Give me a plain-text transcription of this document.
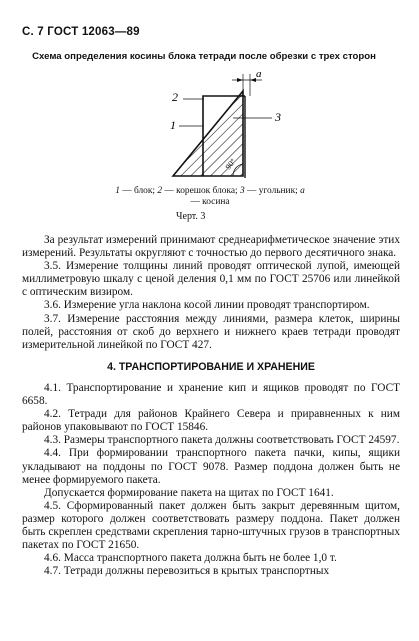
С. 7 ГОСТ 12063—89
Схема определения косины блока тетради после обрезки с трех сторон
2
1
3
a
90°
1 — блок; 2 — корешок блока; 3 — угольник; а — косина
Черт. 3

За результат измерений принимают среднеарифметическое значение этих измерений. Результаты округляют с точностью до первого десятичного знака.

3.5. Измерение толщины линий проводят оптической лупой, имеющей миллиметровую шкалу с ценой деления 0,1 мм по ГОСТ 25706 или линейкой с оптическим визиром.

3.6. Измерение угла наклона косой линии проводят транспортиром.

3.7. Измерение расстояния между линиями, размера клеток, ширины полей, расстояния от скоб до верхнего и нижнего краев тетради проводят измерительной линейкой по ГОСТ 427.

4. ТРАНСПОРТИРОВАНИЕ И ХРАНЕНИЕ

4.1. Транспортирование и хранение кип и ящиков проводят по ГОСТ 6658.

4.2. Тетради для районов Крайнего Севера и приравненных к ним районов упаковывают по ГОСТ 15846.

4.3. Размеры транспортного пакета должны соответствовать ГОСТ 24597.

4.4. При формировании транспортного пакета пачки, кипы, ящики укладывают на поддоны по ГОСТ 9078. Размер поддона должен быть не менее формируемого пакета.

Допускается формирование пакета на щитах по ГОСТ 1641.

4.5. Сформированный пакет должен быть закрыт деревянным щитом, размер которого должен соответствовать размеру поддона. Пакет должен быть скреплен средствами скрепления тарно-штучных грузов в транспортных пакетах по ГОСТ 21650.

4.6. Масса транспортного пакета должна быть не более 1,0 т.

4.7. Тетради должны перевозиться в крытых транспортных
